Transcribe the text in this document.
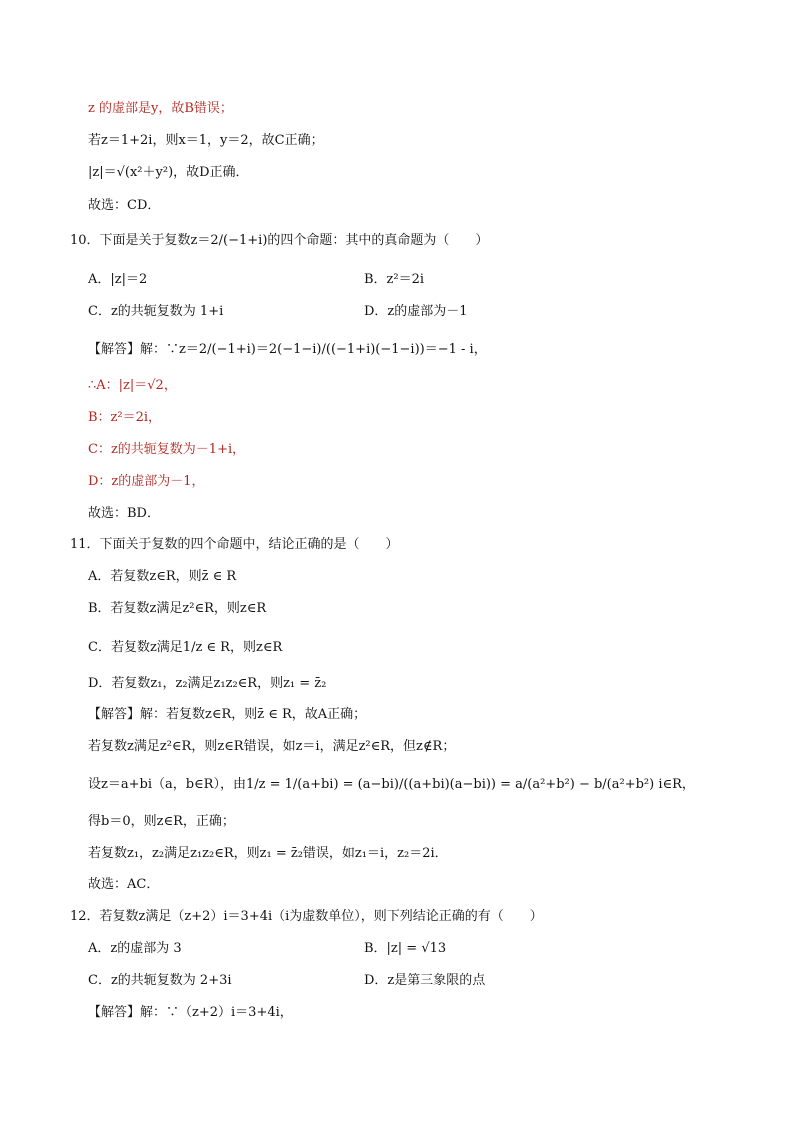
z 的虚部是y，故B错误；
若z＝1+2i，则x＝1，y＝2，故C正确；
|z|＝√(x²＋y²)，故D正确．
故选：CD．
10．下面是关于复数z＝2/(−1+i)的四个命题：其中的真命题为（　　）
A．|z|＝2	B．z²＝2i
C．z的共轭复数为 1+i	D．z的虚部为－1
【解答】解：∵z＝2/(−1+i)＝2(−1−i)/((−1+i)(−1−i))＝−1 - i，
∴A：|z|＝√2，
B：z²＝2i，
C：z的共轭复数为－1+i，
D：z的虚部为－1，
故选：BD．
11．下面关于复数的四个命题中，结论正确的是（　　）
A．若复数z∈R，则z̄ ∈ R
B．若复数z满足z²∈R，则z∈R
C．若复数z满足1/z ∈ R，则z∈R
D．若复数z₁，z₂满足z₁z₂∈R，则z₁ = z̄₂
【解答】解：若复数z∈R，则z̄ ∈ R，故A正确；
若复数z满足z²∈R，则z∈R错误，如z＝i，满足z²∈R，但z∉R；
设z＝a+bi（a，b∈R），由1/z = 1/(a+bi) = (a−bi)/((a+bi)(a−bi)) = a/(a²+b²) − b/(a²+b²) i∈R，
得b＝0，则z∈R，正确；
若复数z₁，z₂满足z₁z₂∈R，则z₁ = z̄₂错误，如z₁＝i，z₂＝2i．
故选：AC．
12．若复数z满足（z+2）i＝3+4i（i为虚数单位），则下列结论正确的有（　　）
A．z的虚部为 3	B．|z| = √13
C．z的共轭复数为 2+3i	D．z是第三象限的点
【解答】解：∵（z+2）i＝3+4i，
